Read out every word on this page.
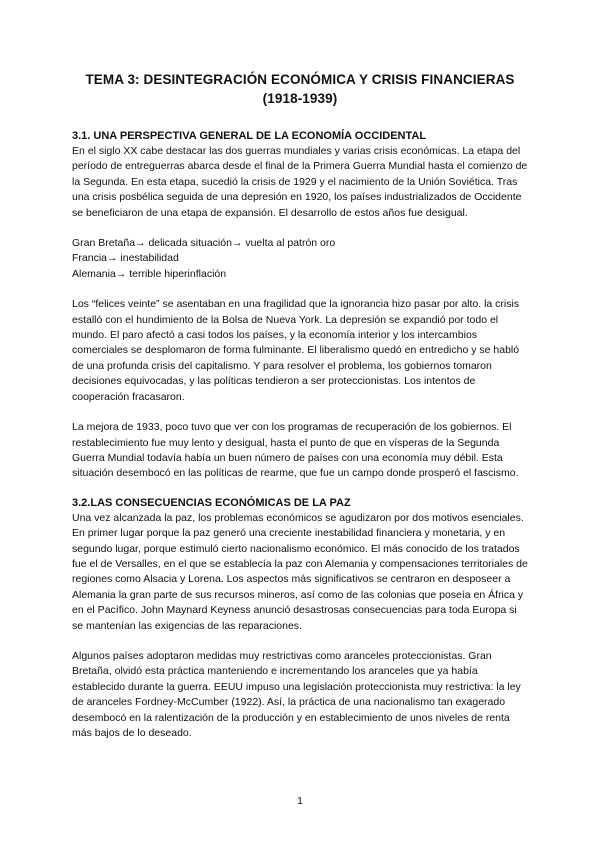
TEMA 3: DESINTEGRACIÓN ECONÓMICA Y CRISIS FINANCIERAS
(1918-1939)
3.1. UNA PERSPECTIVA GENERAL DE LA ECONOMÍA OCCIDENTAL

En el siglo XX cabe destacar las dos guerras mundiales y varias crisis económicas. La etapa del período de entreguerras abarca desde el final de la Primera Guerra Mundial hasta el comienzo de la Segunda. En esta etapa, sucedió la crisis de 1929 y el nacimiento de la Unión Soviética. Tras una crisis posbélica seguida de una depresión en 1920, los países industrializados de Occidente se beneficiaron de una etapa de expansión. El desarrollo de estos años fue desigual.

Gran Bretaña→ delicada situación→ vuelta al patrón oro
Francia→ inestabilidad
Alemania→ terrible hiperinflación

Los “felices veinte” se asentaban en una fragilidad que la ignorancia hizo pasar por alto. la crisis estalló con el hundimiento de la Bolsa de Nueva York. La depresión se expandió por todo el mundo. El paro afectó a casi todos los países, y la economía interior y los intercambios comerciales se desplomaron de forma fulminante. El liberalismo quedó en entredicho y se habló de una profunda crisis del capitalismo. Y para resolver el problema, los gobiernos tomaron decisiones equivocadas, y las políticas tendieron a ser proteccionistas. Los intentos de cooperación fracasaron.

La mejora de 1933, poco tuvo que ver con los programas de recuperación de los gobiernos. El restablecimiento fue muy lento y desigual, hasta el punto de que en vísperas de la Segunda Guerra Mundial todavía había un buen número de países con una economía muy débil. Esta situación desembocó en las políticas de rearme, que fue un campo donde prosperó el fascismo.

3.2.LAS CONSECUENCIAS ECONÓMICAS DE LA PAZ

Una vez alcanzada la paz, los problemas económicos se agudizaron por dos motivos esenciales. En primer lugar porque la paz generó una creciente inestabilidad financiera y monetaria, y en segundo lugar, porque estimuló cierto nacionalismo económico. El más conocido de los tratados fue el de Versalles, en el que se establecía la paz con Alemania y compensaciones territoriales de regiones como Alsacia y Lorena. Los aspectos más significativos se centraron en desposeer a Alemania la gran parte de sus recursos mineros, así como de las colonias que poseía en África y en el Pacífico. John Maynard Keyness anunció desastrosas consecuencias para toda Europa si se mantenían las exigencias de las reparaciones.

Algunos países adoptaron medidas muy restrictivas como aranceles proteccionistas. Gran Bretaña, olvidó esta práctica manteniendo e incrementando los aranceles que ya había establecido durante la guerra. EEUU impuso una legislación proteccionista muy restrictiva: la ley de aranceles Fordney-McCumber (1922). Así, la práctica de una nacionalismo tan exagerado desembocó en la ralentización de la producción y en establecimiento de unos niveles de renta más bajos de lo deseado.

1
